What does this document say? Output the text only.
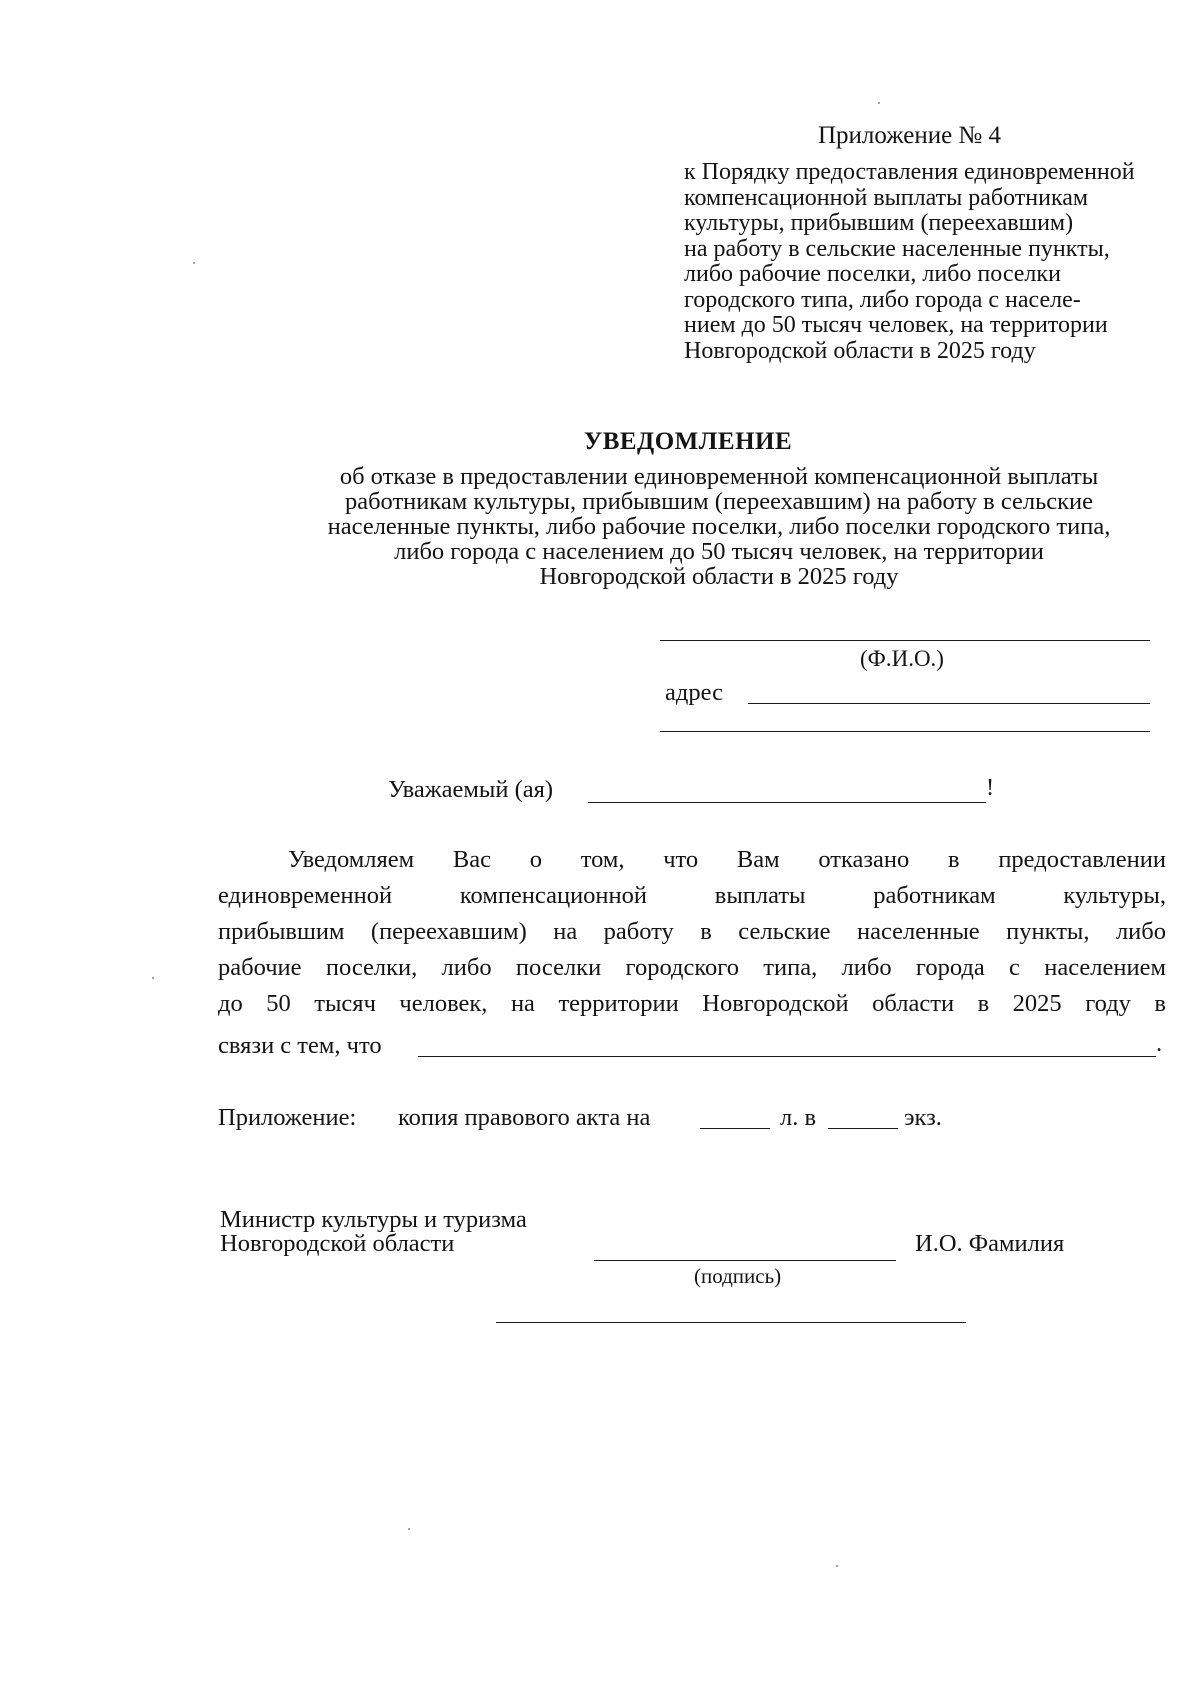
Приложение № 4
к Порядку предоставления единовременной
компенсационной выплаты работникам
культуры, прибывшим (переехавшим)
на работу в сельские населенные пункты,
либо рабочие поселки, либо поселки
городского типа, либо города с населе-
нием до 50 тысяч человек, на территории
Новгородской области в 2025 году
УВЕДОМЛЕНИЕ
об отказе в предоставлении единовременной компенсационной выплаты
работникам культуры, прибывшим (переехавшим) на работу в сельские
населенные пункты, либо рабочие поселки, либо поселки городского типа,
либо города с населением до 50 тысяч человек, на территории
Новгородской области в 2025 году
(Ф.И.О.)
адрес
Уважаемый (ая)	!
Уведомляем Вас о том, что Вам отказано в предоставлении
единовременной компенсационной выплаты работникам культуры,
прибывшим (переехавшим) на работу в сельские населенные пункты, либо
рабочие поселки, либо поселки городского типа, либо города с населением
до 50 тысяч человек, на территории Новгородской области в 2025 году в
связи с тем, что	.
Приложение: копия правового акта на	л. в	экз.
Министр культуры и туризма
Новгородской области
(подпись)
И.О. Фамилия
